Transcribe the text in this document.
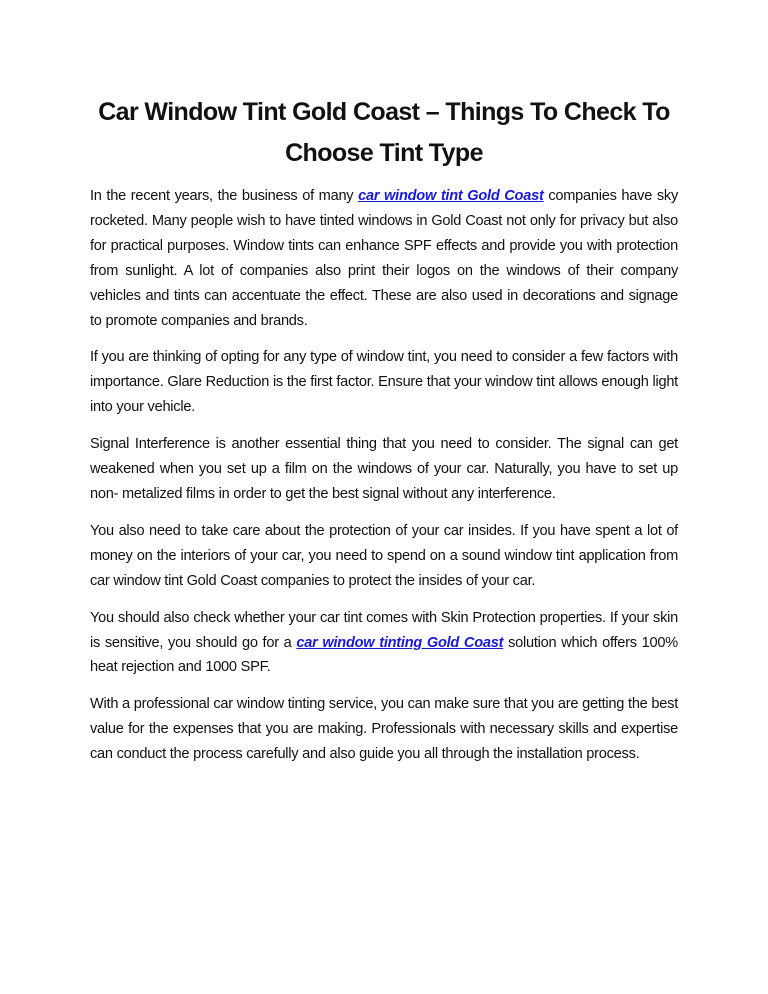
Car Window Tint Gold Coast – Things To Check To Choose Tint Type

In the recent years, the business of many car window tint Gold Coast companies have sky rocketed. Many people wish to have tinted windows in Gold Coast not only for privacy but also for practical purposes. Window tints can enhance SPF effects and provide you with protection from sunlight. A lot of companies also print their logos on the windows of their company vehicles and tints can accentuate the effect. These are also used in decorations and signage to promote companies and brands.

If you are thinking of opting for any type of window tint, you need to consider a few factors with importance. Glare Reduction is the first factor. Ensure that your window tint allows enough light into your vehicle.

Signal Interference is another essential thing that you need to consider. The signal can get weakened when you set up a film on the windows of your car. Naturally, you have to set up non- metalized films in order to get the best signal without any interference.

You also need to take care about the protection of your car insides. If you have spent a lot of money on the interiors of your car, you need to spend on a sound window tint application from car window tint Gold Coast companies to protect the insides of your car.

You should also check whether your car tint comes with Skin Protection properties. If your skin is sensitive, you should go for a car window tinting Gold Coast solution which offers 100% heat rejection and 1000 SPF.

With a professional car window tinting service, you can make sure that you are getting the best value for the expenses that you are making. Professionals with necessary skills and expertise can conduct the process carefully and also guide you all through the installation process.
